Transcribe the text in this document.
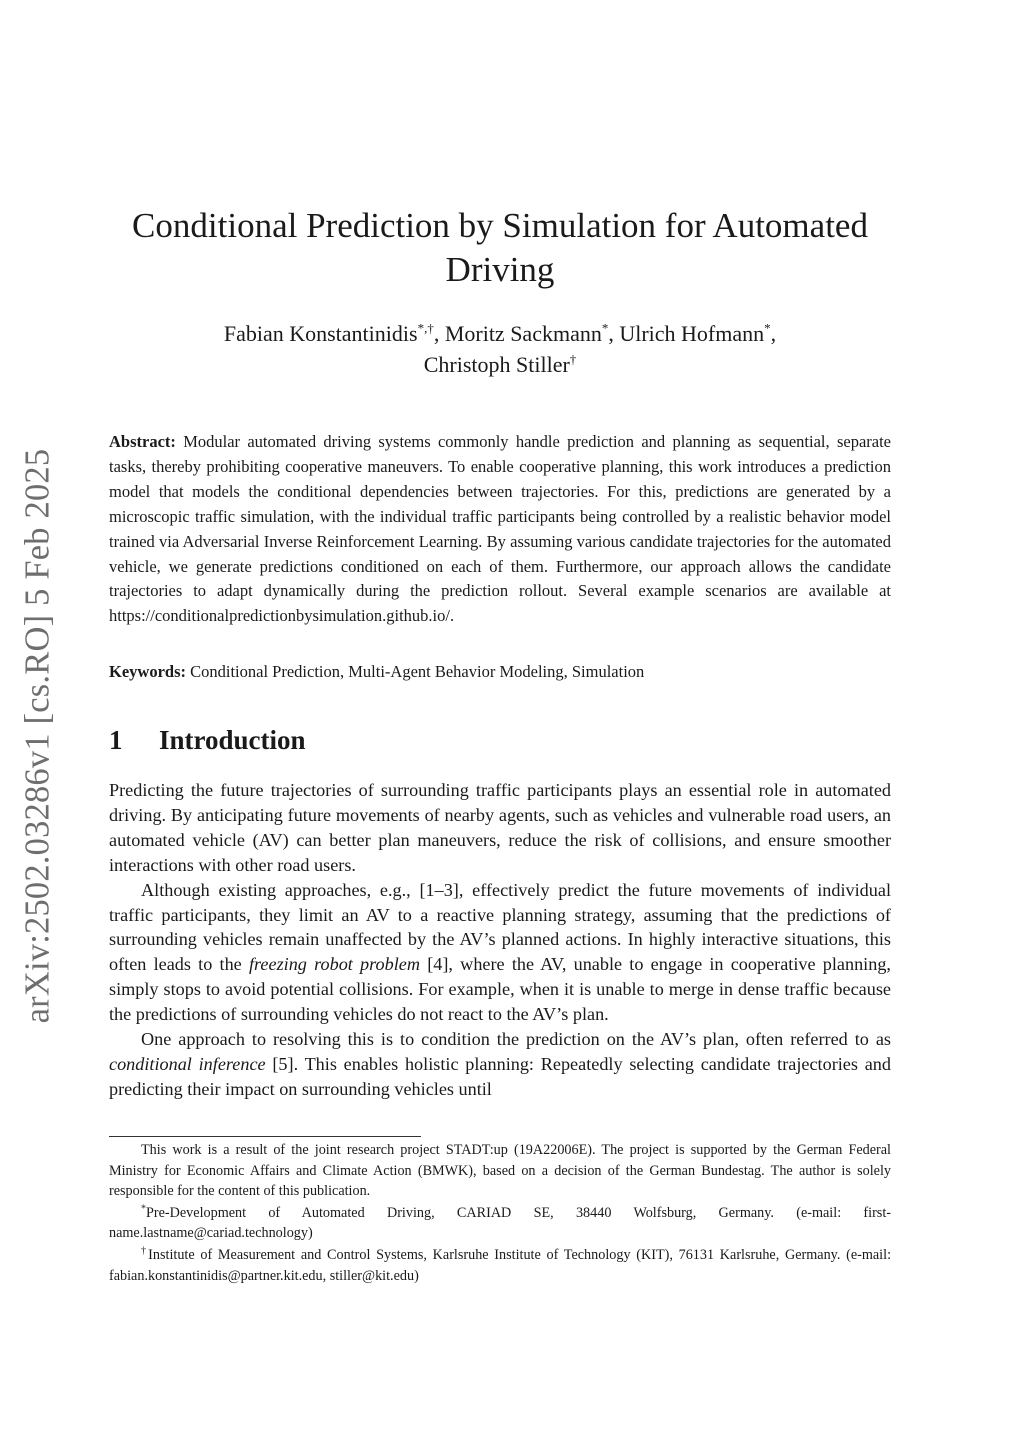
arXiv:2502.03286v1 [cs.RO] 5 Feb 2025
Conditional Prediction by Simulation for Automated
Driving
Fabian Konstantinidis*,†, Moritz Sackmann*, Ulrich Hofmann*,
Christoph Stiller†

Abstract: Modular automated driving systems commonly handle prediction and planning as sequential, separate tasks, thereby prohibiting cooperative maneuvers. To enable cooperative planning, this work introduces a prediction model that models the conditional dependencies between trajectories. For this, predictions are generated by a microscopic traffic simulation, with the individual traffic participants being controlled by a realistic behavior model trained via Adversarial Inverse Reinforcement Learning. By assuming various candidate trajectories for the automated vehicle, we generate predictions conditioned on each of them. Furthermore, our approach allows the candidate trajectories to adapt dynamically during the prediction rollout. Several example scenarios are available at https://conditionalpredictionbysimulation.github.io/.

Keywords: Conditional Prediction, Multi-Agent Behavior Modeling, Simulation

1 Introduction

Predicting the future trajectories of surrounding traffic participants plays an essential role in automated driving. By anticipating future movements of nearby agents, such as vehicles and vulnerable road users, an automated vehicle (AV) can better plan maneuvers, reduce the risk of collisions, and ensure smoother interactions with other road users.

Although existing approaches, e.g., [1–3], effectively predict the future movements of individual traffic participants, they limit an AV to a reactive planning strategy, assuming that the predictions of surrounding vehicles remain unaffected by the AV’s planned actions. In highly interactive situations, this often leads to the freezing robot problem [4], where the AV, unable to engage in cooperative planning, simply stops to avoid potential collisions. For example, when it is unable to merge in dense traffic because the predictions of surrounding vehicles do not react to the AV’s plan.

One approach to resolving this is to condition the prediction on the AV’s plan, often referred to as conditional inference [5]. This enables holistic planning: Repeatedly selecting candidate trajectories and predicting their impact on surrounding vehicles until

This work is a result of the joint research project STADT:up (19A22006E). The project is supported by the German Federal Ministry for Economic Affairs and Climate Action (BMWK), based on a decision of the German Bundestag. The author is solely responsible for the content of this publication.

*Pre-Development of Automated Driving, CARIAD SE, 38440 Wolfsburg, Germany. (e-mail: first-name.lastname@cariad.technology)

†Institute of Measurement and Control Systems, Karlsruhe Institute of Technology (KIT), 76131 Karlsruhe, Germany. (e-mail: fabian.konstantinidis@partner.kit.edu, stiller@kit.edu)
